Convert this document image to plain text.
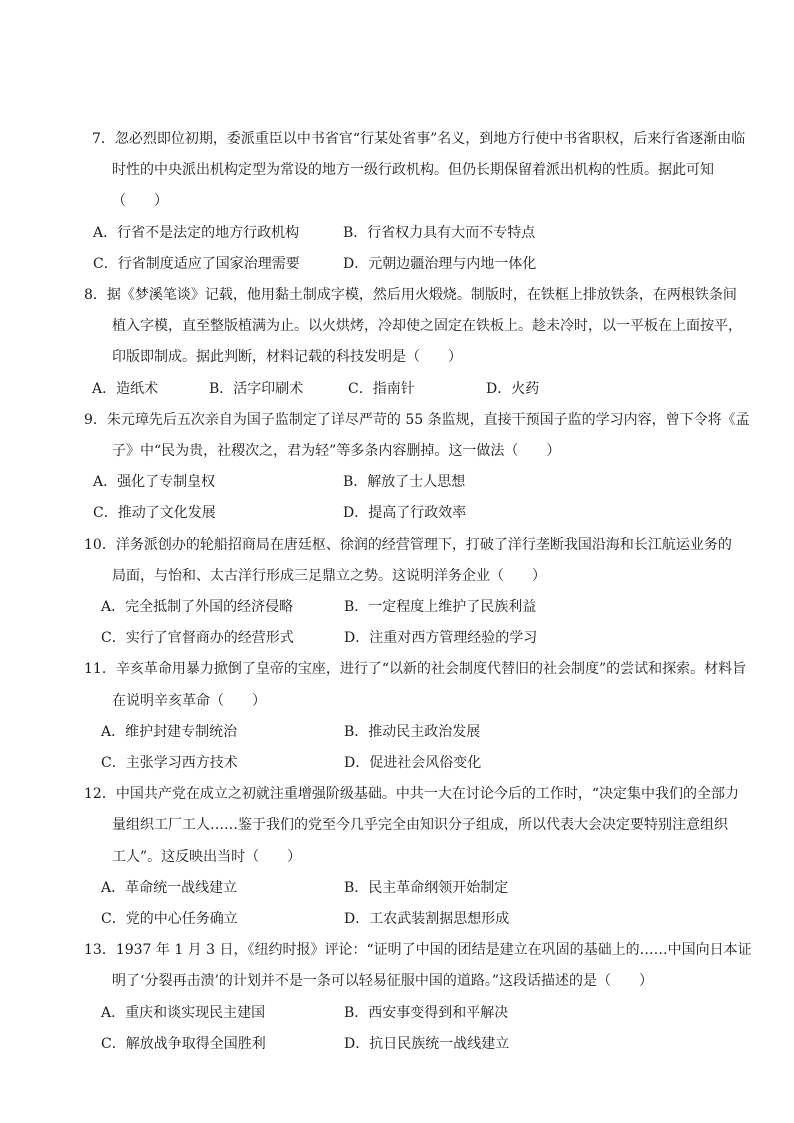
7．忽必烈即位初期，委派重臣以中书省官“行某处省事”名义，到地方行使中书省职权，后来行省逐渐由临
时性的中央派出机构定型为常设的地方一级行政机构。但仍长期保留着派出机构的性质。据此可知
（　　）
A．行省不是法定的地方行政机构	B．行省权力具有大而不专特点
C．行省制度适应了国家治理需要	D．元朝边疆治理与内地一体化
8．据《梦溪笔谈》记载，他用黏土制成字模，然后用火煅烧。制版时，在铁框上排放铁条，在两根铁条间
植入字模，直至整版植满为止。以火烘烤，冷却使之固定在铁板上。趁未冷时，以一平板在上面按平，
印版即制成。据此判断，材料记载的科技发明是（　　）
A．造纸术	B．活字印刷术	C．指南针	D．火药
9．朱元璋先后五次亲自为国子监制定了详尽严苛的 55 条监规，直接干预国子监的学习内容，曾下令将《孟
子》中“民为贵，社稷次之，君为轻”等多条内容删掉。这一做法（　　）
A．强化了专制皇权	B．解放了士人思想
C．推动了文化发展	D．提高了行政效率
10．洋务派创办的轮船招商局在唐廷枢、徐润的经营管理下，打破了洋行垄断我国沿海和长江航运业务的
局面，与怡和、太古洋行形成三足鼎立之势。这说明洋务企业（　　）
A．完全抵制了外国的经济侵略	B．一定程度上维护了民族利益
C．实行了官督商办的经营形式	D．注重对西方管理经验的学习
11．辛亥革命用暴力掀倒了皇帝的宝座，进行了“以新的社会制度代替旧的社会制度”的尝试和探索。材料旨
在说明辛亥革命（　　）
A．维护封建专制统治	B．推动民主政治发展
C．主张学习西方技术	D．促进社会风俗变化
12．中国共产党在成立之初就注重增强阶级基础。中共一大在讨论今后的工作时，“决定集中我们的全部力
量组织工厂工人……鉴于我们的党至今几乎完全由知识分子组成，所以代表大会决定要特别注意组织
工人”。这反映出当时（　　）
A．革命统一战线建立	B．民主革命纲领开始制定
C．党的中心任务确立	D．工农武装割据思想形成
13．1937 年 1 月 3 日，《纽约时报》评论：“证明了中国的团结是建立在巩固的基础上的……中国向日本证
明了‘分裂再击溃’的计划并不是一条可以轻易征服中国的道路。”这段话描述的是（　　）
A．重庆和谈实现民主建国	B．西安事变得到和平解决
C．解放战争取得全国胜利	D．抗日民族统一战线建立
